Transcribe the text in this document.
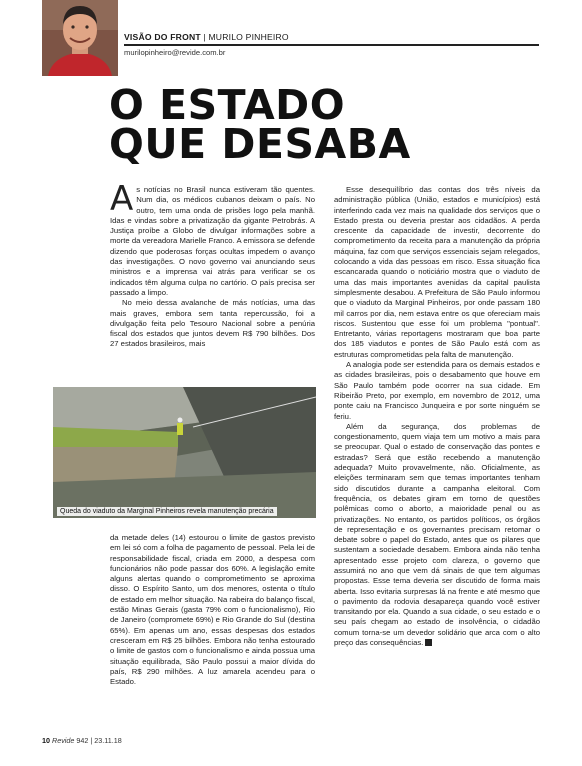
VISÃO DO FRONT | MURILO PINHEIRO
murilopinheiro@revide.com.br
O ESTADO
QUE DESABA

As notícias no Brasil nunca estiveram tão quentes. Num dia, os médicos cubanos deixam o país. No outro, tem uma onda de prisões logo pela manhã. Idas e vindas sobre a privatização da gigante Petrobrás. A Justiça proíbe a Globo de divulgar informações sobre a morte da vereadora Marielle Franco. A emissora se defende dizendo que poderosas forças ocultas impedem o avanço das investigações. O novo governo vai anunciando seus ministros e a imprensa vai atrás para verificar se os indicados têm alguma culpa no cartório. O país precisa ser passado a limpo.

No meio dessa avalanche de más notícias, uma das mais graves, embora sem tanta repercussão, foi a divulgação feita pelo Tesouro Nacional sobre a penúria fiscal dos estados que juntos devem R$ 790 bilhões. Dos 27 estados brasileiros, mais

Queda do viaduto da Marginal Pinheiros revela manutenção precária

da metade deles (14) estourou o limite de gastos previsto em lei só com a folha de pagamento de pessoal. Pela lei de responsabilidade fiscal, criada em 2000, a despesa com funcionários não pode passar dos 60%. A legislação emite alguns alertas quando o comprometimento se aproxima disso. O Espírito Santo, um dos menores, ostenta o título de estado em melhor situação. Na rabeira do balanço fiscal, estão Minas Gerais (gasta 79% com o funcionalismo), Rio de Janeiro (compromete 69%) e Rio Grande do Sul (destina 65%). Em apenas um ano, essas despesas dos estados cresceram em R$ 25 bilhões. Embora não tenha estourado o limite de gastos com o funcionalismo e ainda possua uma situação equilibrada, São Paulo possui a maior dívida do país, R$ 290 milhões. A luz amarela acendeu para o Estado.

Esse desequilíbrio das contas dos três níveis da administração pública (União, estados e municípios) está interferindo cada vez mais na qualidade dos serviços que o Estado presta ou deveria prestar aos cidadãos. A perda crescente da capacidade de investir, decorrente do comprometimento da receita para a manutenção da própria máquina, faz com que serviços essenciais sejam relegados, colocando a vida das pessoas em risco. Essa situação fica escancarada quando o noticiário mostra que o viaduto de uma das mais importantes avenidas da capital paulista simplesmente desabou. A Prefeitura de São Paulo informou que o viaduto da Marginal Pinheiros, por onde passam 180 mil carros por dia, nem estava entre os que ofereciam mais riscos. Sustentou que esse foi um problema "pontual". Entretanto, várias reportagens mostraram que boa parte dos 185 viadutos e pontes de São Paulo está com as estruturas comprometidas pela falta de manutenção.

A analogia pode ser estendida para os demais estados e as cidades brasileiras, pois o desabamento que houve em São Paulo também pode ocorrer na sua cidade. Em Ribeirão Preto, por exemplo, em novembro de 2012, uma ponte caiu na Francisco Junqueira e por sorte ninguém se feriu.

Além da segurança, dos problemas de congestionamento, quem viaja tem um motivo a mais para se preocupar. Qual o estado de conservação das pontes e estradas? Será que estão recebendo a manutenção adequada? Muito provavelmente, não. Oficialmente, as eleições terminaram sem que temas importantes tenham sido discutidos durante a campanha eleitoral. Com frequência, os debates giram em torno de questões polêmicas como o aborto, a maioridade penal ou as privatizações. No entanto, os partidos políticos, os órgãos de representação e os governantes precisam retomar o debate sobre o papel do Estado, antes que os pilares que sustentam a sociedade desabem. Embora ainda não tenha apresentado esse projeto com clareza, o governo que assumirá no ano que vem dá sinais de que tem algumas propostas. Esse tema deveria ser discutido de forma mais aberta. Isso evitaria surpresas lá na frente e até mesmo que o pavimento da rodovia desapareça quando você estiver transitando por ela. Quando a sua cidade, o seu estado e o seu país chegam ao estado de insolvência, o cidadão comum torna-se um devedor solidário que arca com o alto preço das consequências.

10 Revide 942 | 23.11.18
